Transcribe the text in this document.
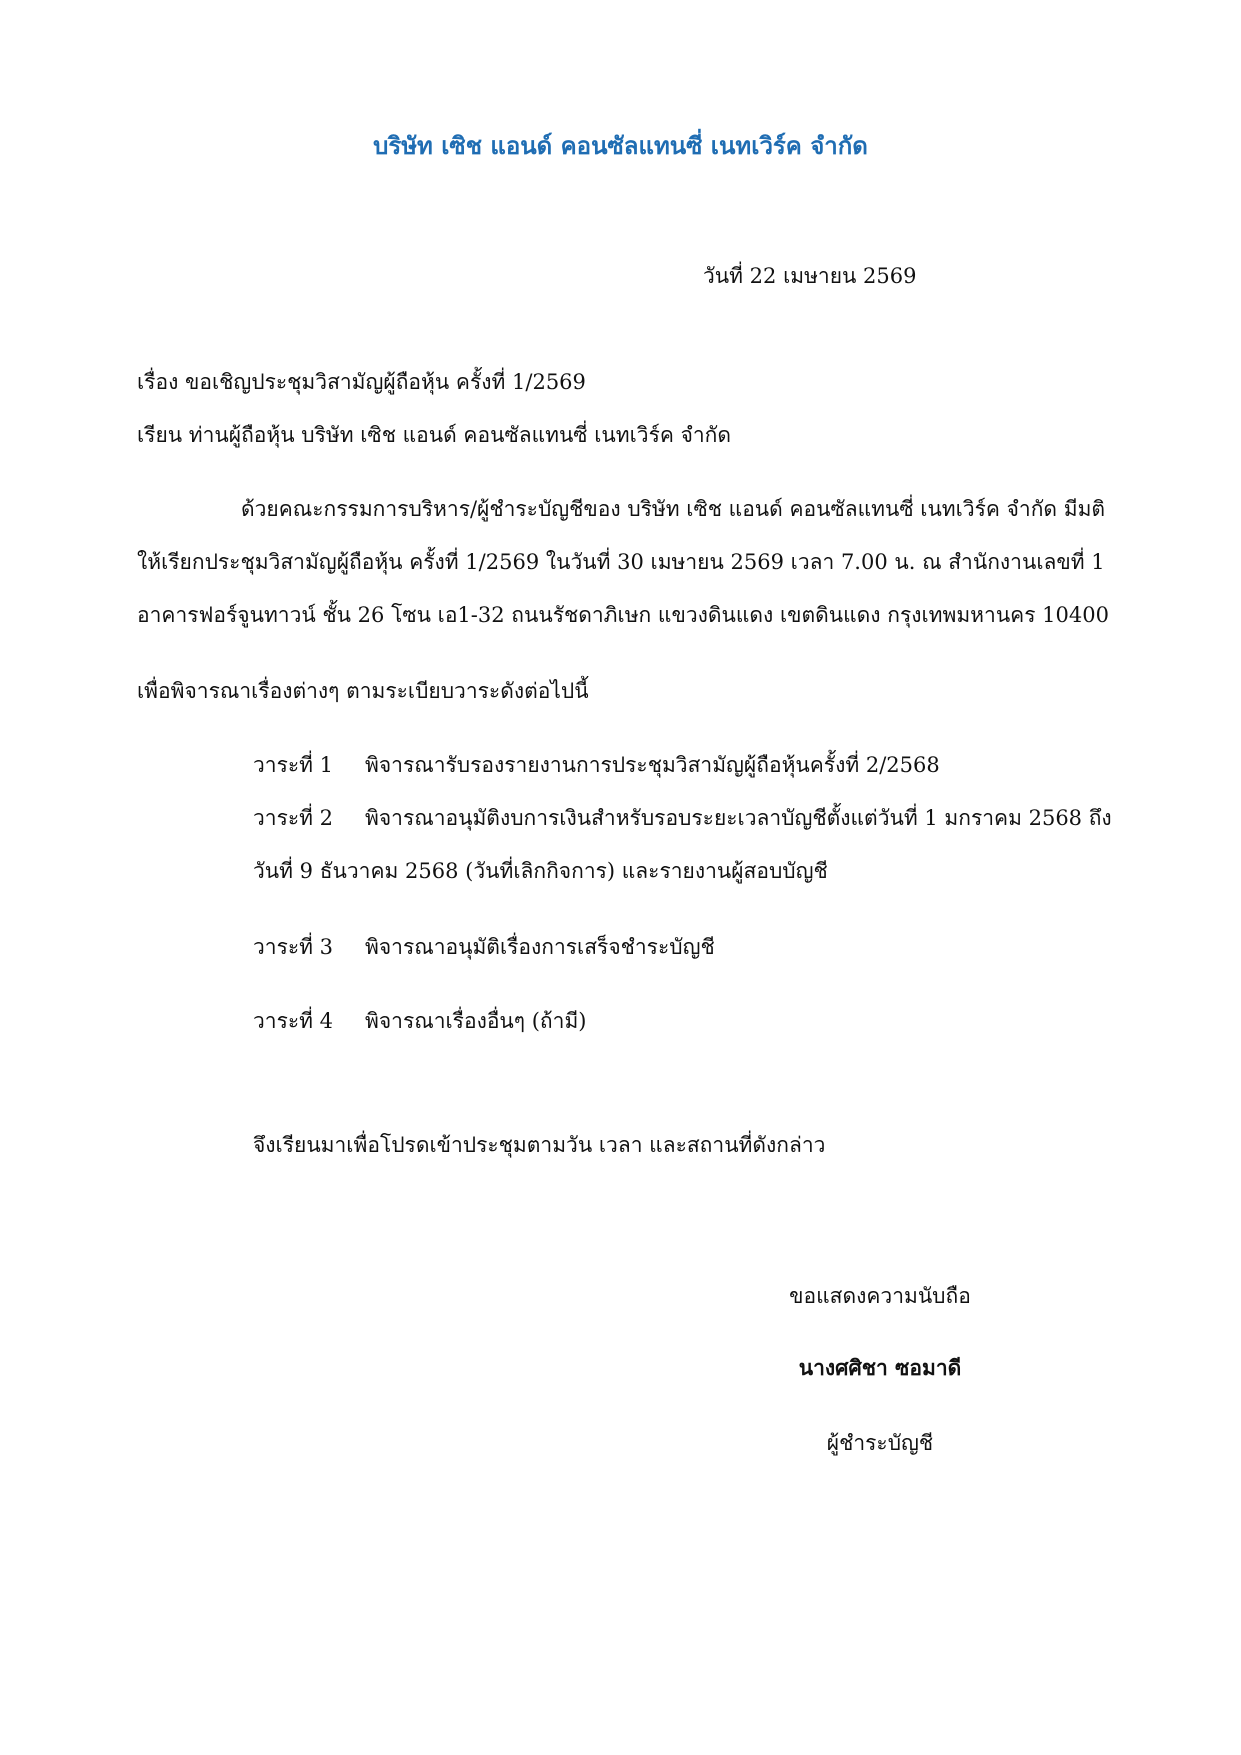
บริษัท เซิช แอนด์ คอนซัลแทนซี่ เนทเวิร์ค จำกัด
วันที่ 22 เมษายน 2569
เรื่อง ขอเชิญประชุมวิสามัญผู้ถือหุ้น ครั้งที่ 1/2569
เรียน ท่านผู้ถือหุ้น บริษัท เซิช แอนด์ คอนซัลแทนซี่ เนทเวิร์ค จำกัด
ด้วยคณะกรรมการบริหาร/ผู้ชำระบัญชีของ บริษัท เซิช แอนด์ คอนซัลแทนซี่ เนทเวิร์ค จำกัด มีมติ
ให้เรียกประชุมวิสามัญผู้ถือหุ้น ครั้งที่ 1/2569 ในวันที่ 30 เมษายน 2569 เวลา 7.00 น. ณ สำนักงานเลขที่ 1
อาคารฟอร์จูนทาวน์ ชั้น 26 โซน เอ1-32 ถนนรัชดาภิเษก แขวงดินแดง เขตดินแดง กรุงเทพมหานคร 10400
เพื่อพิจารณาเรื่องต่างๆ ตามระเบียบวาระดังต่อไปนี้
วาระที่ 1 พิจารณารับรองรายงานการประชุมวิสามัญผู้ถือหุ้นครั้งที่ 2/2568
วาระที่ 2 พิจารณาอนุมัติงบการเงินสำหรับรอบระยะเวลาบัญชีตั้งแต่วันที่ 1 มกราคม 2568 ถึง
วันที่ 9 ธันวาคม 2568 (วันที่เลิกกิจการ) และรายงานผู้สอบบัญชี
วาระที่ 3 พิจารณาอนุมัติเรื่องการเสร็จชำระบัญชี
วาระที่ 4 พิจารณาเรื่องอื่นๆ (ถ้ามี)
จึงเรียนมาเพื่อโปรดเข้าประชุมตามวัน เวลา และสถานที่ดังกล่าว
ขอแสดงความนับถือ
นางศศิชา ซอมาดี
ผู้ชำระบัญชี
